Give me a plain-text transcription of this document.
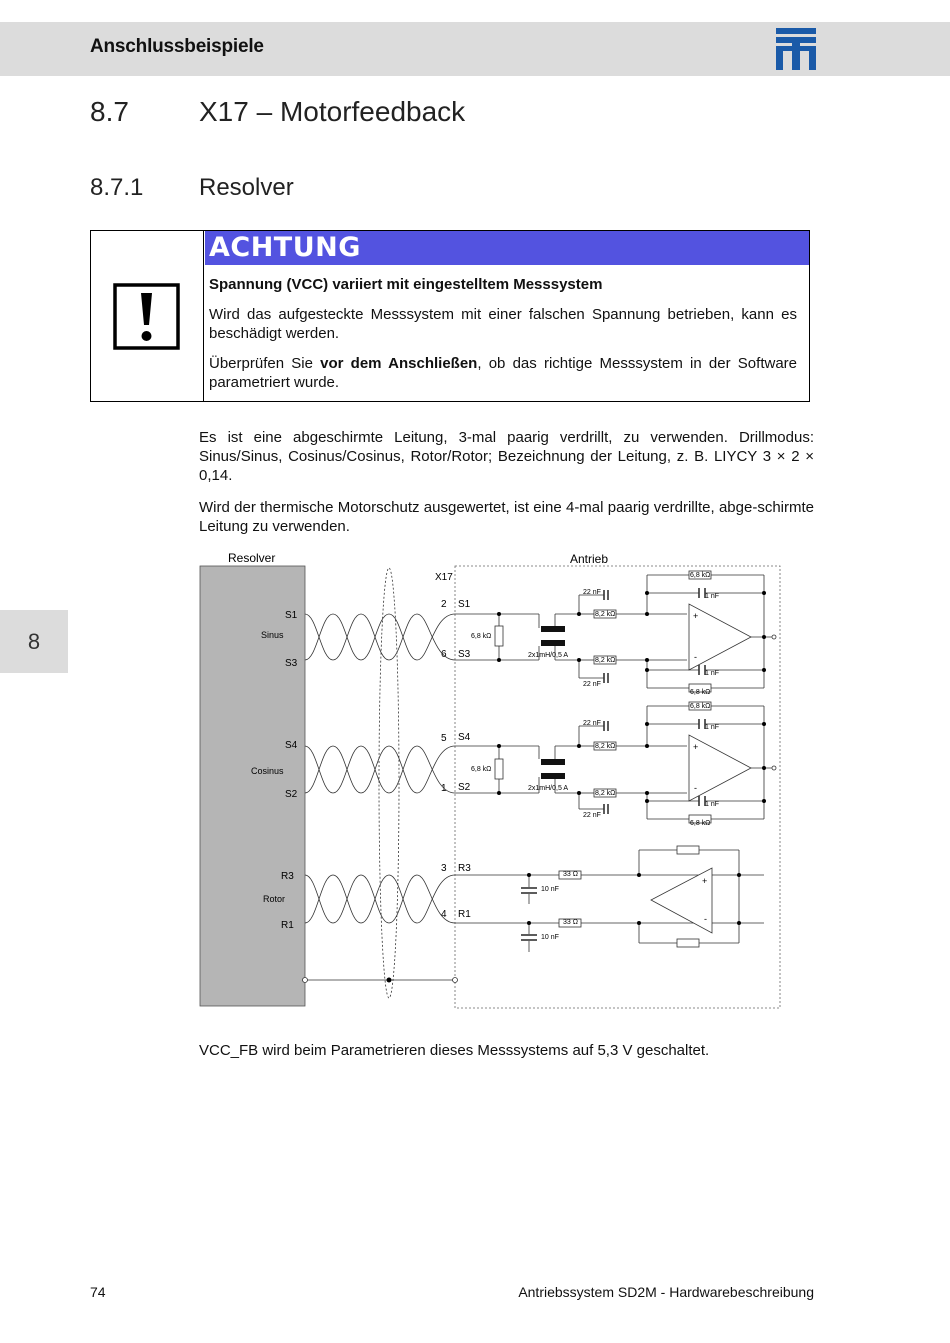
Anschlussbeispiele
8.7	X17 – Motorfeedback
8.7.1 Resolver
8
ACHTUNG

Spannung (VCC) variiert mit eingestelltem Messsystem

Wird das aufgesteckte Messsystem mit einer falschen Spannung betrieben, kann es beschädigt werden.

Überprüfen Sie vor dem Anschließen, ob das richtige Messsystem in der Software parametriert wurde.

Es ist eine abgeschirmte Leitung, 3-mal paarig verdrillt, zu verwenden. Drillmodus: Sinus/Sinus, Cosinus/Cosinus, Rotor/Rotor; Bezeichnung der Leitung, z. B. LIYCY 3 × 2 × 0,14.

Wird der thermische Motorschutz ausgewertet, ist eine 4-mal paarig verdrillte, abge-schirmte Leitung zu verwenden.

Resolver	Antrieb
X17
S1
Sinus
S3
S4
Cosinus
S2
R3
Rotor
R1
2
6
5
1
3
4
S1
S3
S4
S2
R3
R1
6,8 kΩ
2x1mH/0,5 A
22 nF
8,2 kΩ
8,2 kΩ
22 nF
6,8 kΩ
1 nF
1 nF
6,8 kΩ
+
-
6,8 kΩ
2x1mH/0,5 A
22 nF
8,2 kΩ
8,2 kΩ
22 nF
6,8 kΩ
1 nF
1 nF
6,8 kΩ
+
-
33 Ω
33 Ω
10 nF
10 nF
+
-

VCC_FB wird beim Parametrieren dieses Messsystems auf 5,3 V geschaltet.

74	Antriebssystem SD2M - Hardwarebeschreibung
